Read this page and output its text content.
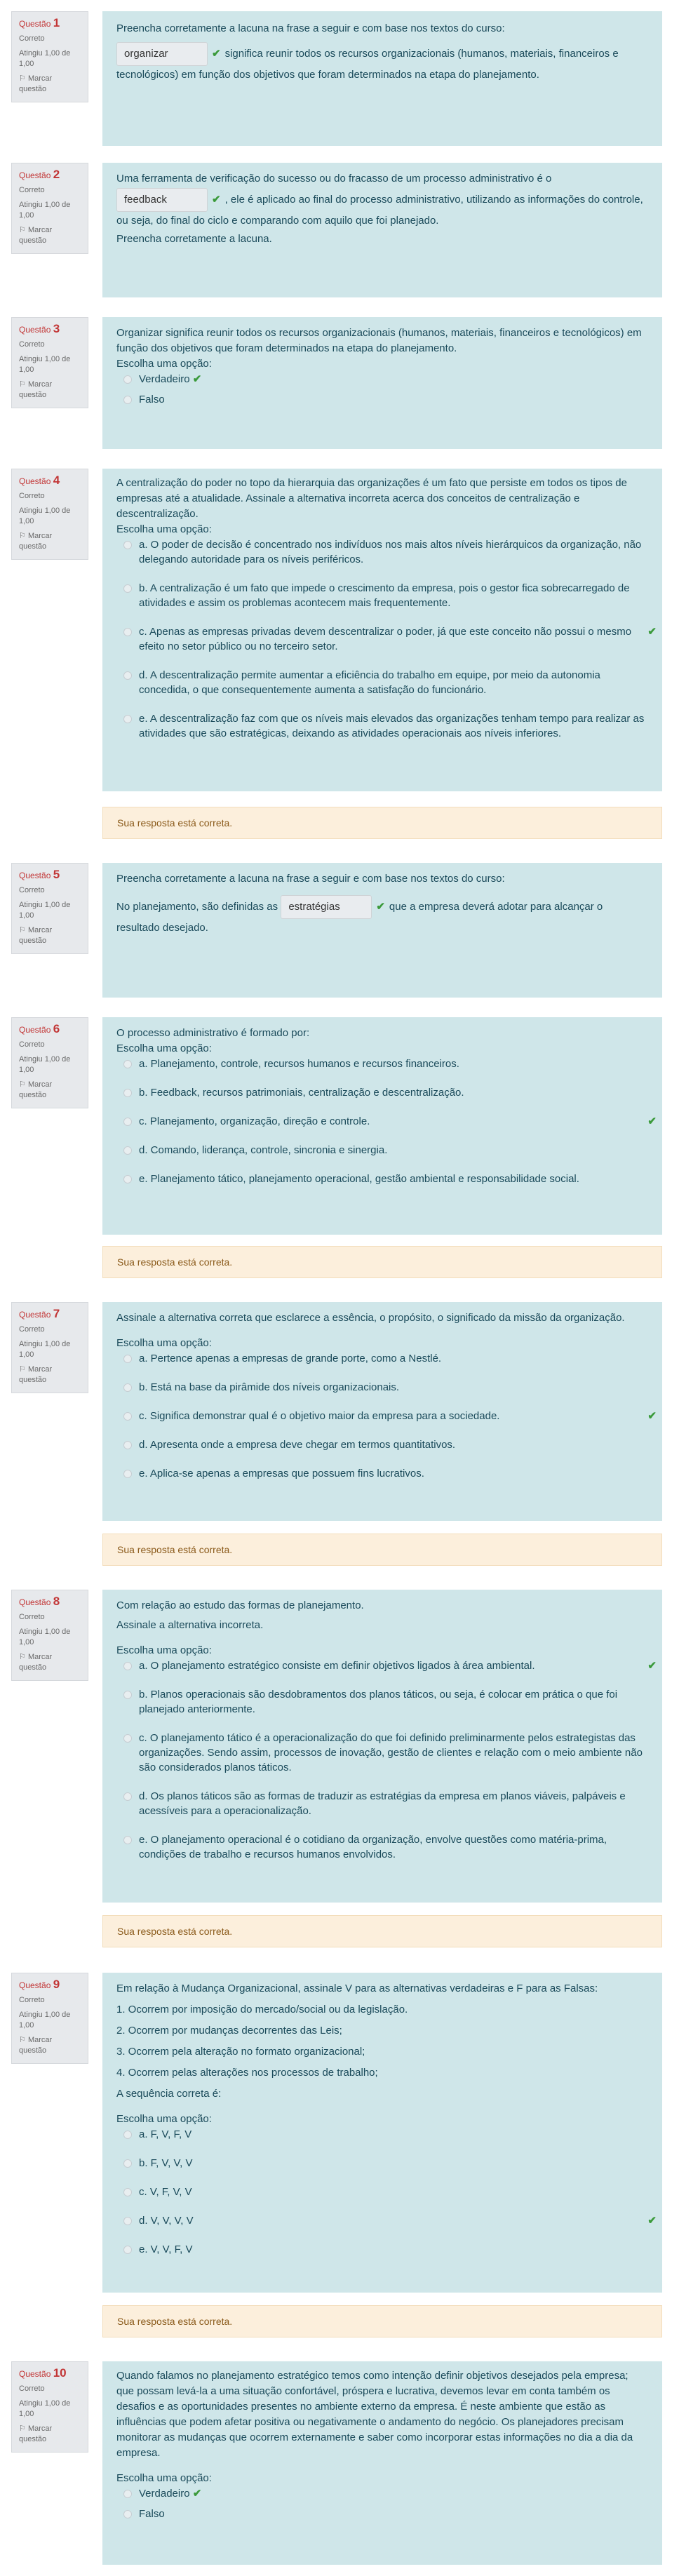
Questão 1
Correto
Atingiu 1,00 de 1,00
⚐ Marcar questão

Preencha corretamente a lacuna na frase a seguir e com base nos textos do curso:

organizar	✔ significa reunir todos os recursos organizacionais (humanos, materiais, financeiros e tecnológicos) em função dos objetivos que foram determinados na etapa do planejamento.

Questão 2
Correto
Atingiu 1,00 de 1,00
⚐ Marcar questão

Uma ferramenta de verificação do sucesso ou do fracasso de um processo administrativo é o

feedback	✔ , ele é aplicado ao final do processo administrativo, utilizando as informações do controle, ou seja, do final do ciclo e comparando com aquilo que foi planejado.

Preencha corretamente a lacuna.

Questão 3
Correto
Atingiu 1,00 de 1,00
⚐ Marcar questão

Organizar significa reunir todos os recursos organizacionais (humanos, materiais, financeiros e tecnológicos) em função dos objetivos que foram determinados na etapa do planejamento.

Escolha uma opção:

Verdadeiro ✔
Falso
Questão 4
Correto
Atingiu 1,00 de 1,00
⚐ Marcar questão

A centralização do poder no topo da hierarquia das organizações é um fato que persiste em todos os tipos de empresas até a atualidade. Assinale a alternativa incorreta acerca dos conceitos de centralização e descentralização.

Escolha uma opção:

a. O poder de decisão é concentrado nos indivíduos nos mais altos níveis hierárquicos da organização, não delegando autoridade para os níveis periféricos.
b. A centralização é um fato que impede o crescimento da empresa, pois o gestor fica sobrecarregado de atividades e assim os problemas acontecem mais frequentemente.
c. Apenas as empresas privadas devem descentralizar o poder, já que este conceito não possui o mesmo efeito no setor público ou no terceiro setor.
✔
d. A descentralização permite aumentar a eficiência do trabalho em equipe, por meio da autonomia concedida, o que consequentemente aumenta a satisfação do funcionário.
e. A descentralização faz com que os níveis mais elevados das organizações tenham tempo para realizar as atividades que são estratégicas, deixando as atividades operacionais aos níveis inferiores.
Sua resposta está correta.
Questão 5
Correto
Atingiu 1,00 de 1,00
⚐ Marcar questão

Preencha corretamente a lacuna na frase a seguir e com base nos textos do curso:

No planejamento, são definidas as estratégias	✔ que a empresa deverá adotar para alcançar o resultado desejado.

Questão 6
Correto
Atingiu 1,00 de 1,00
⚐ Marcar questão

O processo administrativo é formado por:

Escolha uma opção:

a. Planejamento, controle, recursos humanos e recursos financeiros.
b. Feedback, recursos patrimoniais, centralização e descentralização.
c. Planejamento, organização, direção e controle.	✔
d. Comando, liderança, controle, sincronia e sinergia.
e. Planejamento tático, planejamento operacional, gestão ambiental e responsabilidade social.
Sua resposta está correta.
Questão 7
Correto
Atingiu 1,00 de 1,00
⚐ Marcar questão

Assinale a alternativa correta que esclarece a essência, o propósito, o significado da missão da organização.

Escolha uma opção:

a. Pertence apenas a empresas de grande porte, como a Nestlé.
b. Está na base da pirâmide dos níveis organizacionais.
c. Significa demonstrar qual é o objetivo maior da empresa para a sociedade.	✔
d. Apresenta onde a empresa deve chegar em termos quantitativos.
e. Aplica-se apenas a empresas que possuem fins lucrativos.
Sua resposta está correta.
Questão 8
Correto
Atingiu 1,00 de 1,00
⚐ Marcar questão

Com relação ao estudo das formas de planejamento.

Assinale a alternativa incorreta.

Escolha uma opção:

a. O planejamento estratégico consiste em definir objetivos ligados à área ambiental.	✔
b. Planos operacionais são desdobramentos dos planos táticos, ou seja, é colocar em prática o que foi planejado anteriormente.
c. O planejamento tático é a operacionalização do que foi definido preliminarmente pelos estrategistas das organizações. Sendo assim, processos de inovação, gestão de clientes e relação com o meio ambiente não são considerados planos táticos.
d. Os planos táticos são as formas de traduzir as estratégias da empresa em planos viáveis, palpáveis e acessíveis para a operacionalização.
e. O planejamento operacional é o cotidiano da organização, envolve questões como matéria-prima, condições de trabalho e recursos humanos envolvidos.
Sua resposta está correta.
Questão 9
Correto
Atingiu 1,00 de 1,00
⚐ Marcar questão

Em relação à Mudança Organizacional, assinale V para as alternativas verdadeiras e F para as Falsas:

1. Ocorrem por imposição do mercado/social ou da legislação.

2. Ocorrem por mudanças decorrentes das Leis;

3. Ocorrem pela alteração no formato organizacional;

4. Ocorrem pelas alterações nos processos de trabalho;

A sequência correta é:

Escolha uma opção:

a. F, V, F, V
b. F, V, V, V
c. V, F, V, V
d. V, V, V, V	✔
e. V, V, F, V
Sua resposta está correta.
Questão 10
Correto
Atingiu 1,00 de 1,00
⚐ Marcar questão

Quando falamos no planejamento estratégico temos como intenção definir objetivos desejados pela empresa; que possam levá-la a uma situação confortável, próspera e lucrativa, devemos levar em conta também os desafios e as oportunidades presentes no ambiente externo da empresa. É neste ambiente que estão as influências que podem afetar positiva ou negativamente o andamento do negócio. Os planejadores precisam monitorar as mudanças que ocorrem externamente e saber como incorporar estas informações no dia a dia da empresa.

Escolha uma opção:

Verdadeiro ✔
Falso
